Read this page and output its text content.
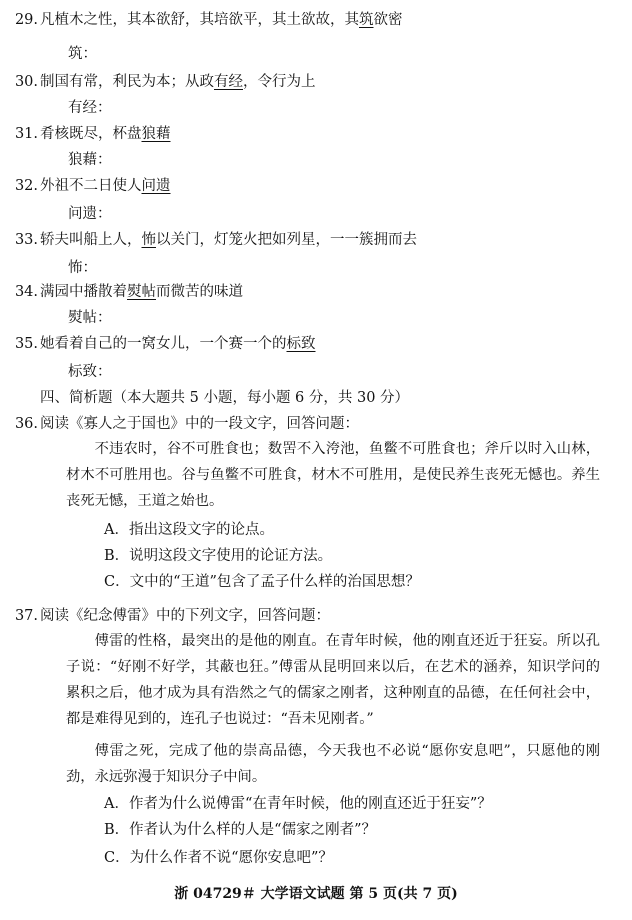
29. 凡植木之性，其本欲舒，其培欲平，其土欲故，其筑欲密
筑：
30. 制国有常，利民为本；从政有经，令行为上
有经：
31. 肴核既尽，杯盘狼藉
狼藉：
32. 外祖不二日使人问遗
问遗：
33. 轿夫叫船上人，怖以关门，灯笼火把如列星，一一簇拥而去
怖：
34. 满园中播散着熨帖而微苦的味道
熨帖：
35. 她看着自己的一窝女儿，一个赛一个的标致
标致：
四、简析题（本大题共 5 小题，每小题 6 分，共 30 分）
36. 阅读《寡人之于国也》中的一段文字，回答问题：
不违农时，谷不可胜食也；数罟不入洿池，鱼鳖不可胜食也；斧斤以时入山林，材木不可胜用也。谷与鱼鳖不可胜食，材木不可胜用，是使民养生丧死无憾也。养生丧死无憾，王道之始也。
A．指出这段文字的论点。
B．说明这段文字使用的论证方法。
C．文中的“王道”包含了孟子什么样的治国思想？
37. 阅读《纪念傅雷》中的下列文字，回答问题：
傅雷的性格，最突出的是他的刚直。在青年时候，他的刚直还近于狂妄。所以孔子说：“好刚不好学，其蔽也狂。”傅雷从昆明回来以后，在艺术的涵养，知识学问的累积之后，他才成为具有浩然之气的儒家之刚者，这种刚直的品德，在任何社会中，都是难得见到的，连孔子也说过：“吾未见刚者。”
傅雷之死，完成了他的崇高品德，今天我也不必说“愿你安息吧”，只愿他的刚劲，永远弥漫于知识分子中间。
A．作者为什么说傅雷“在青年时候，他的刚直还近于狂妄”？
B．作者认为什么样的人是“儒家之刚者”？
C．为什么作者不说“愿你安息吧”？
浙 04729＃ 大学语文试题 第 5 页(共 7 页)
